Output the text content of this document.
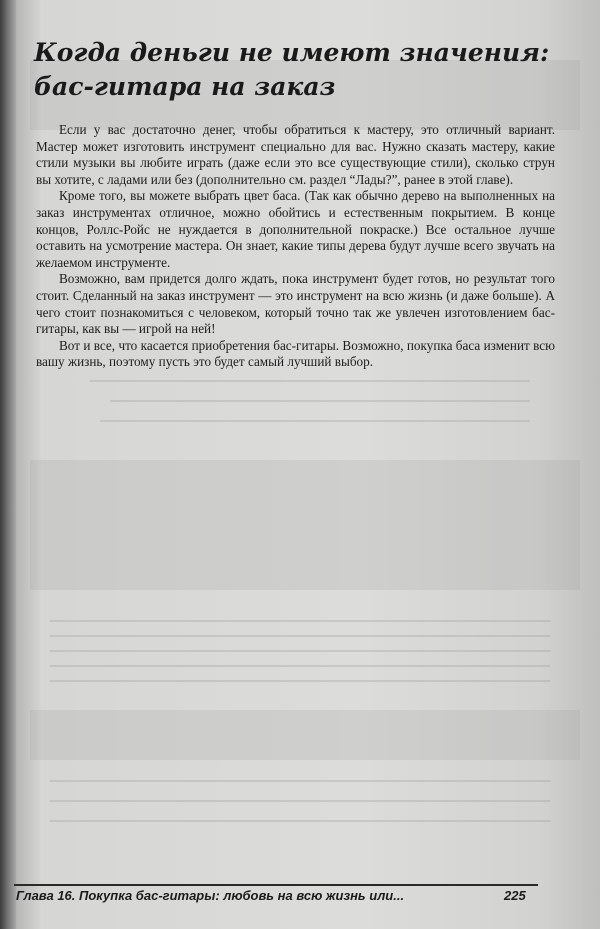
Когда деньги не имеют значения: бас-гитара на заказ

Если у вас достаточно денег, чтобы обратиться к мастеру, это отличный вариант. Мастер может изготовить инструмент специально для вас. Нужно сказать мастеру, какие стили музыки вы любите играть (даже если это все существующие стили), сколько струн вы хотите, с ладами или без (дополнительно см. раздел “Лады?”, ранее в этой главе).

Кроме того, вы можете выбрать цвет баса. (Так как обычно дерево на выполненных на заказ инструментах отличное, можно обойтись и естественным покрытием. В конце концов, Роллс-Ройс не нуждается в дополнительной покраске.) Все остальное лучше оставить на усмотрение мастера. Он знает, какие типы дерева будут лучше всего звучать на желаемом инструменте.

Возможно, вам придется долго ждать, пока инструмент будет готов, но результат того стоит. Сделанный на заказ инструмент — это инструмент на всю жизнь (и даже больше). А чего стоит познакомиться с человеком, который точно так же увлечен изготовлением бас-гитары, как вы — игрой на ней!

Вот и все, что касается приобретения бас-гитары. Возможно, покупка баса изменит всю вашу жизнь, поэтому пусть это будет самый лучший выбор.

Глава 16. Покупка бас-гитары: любовь на всю жизнь или...	225
